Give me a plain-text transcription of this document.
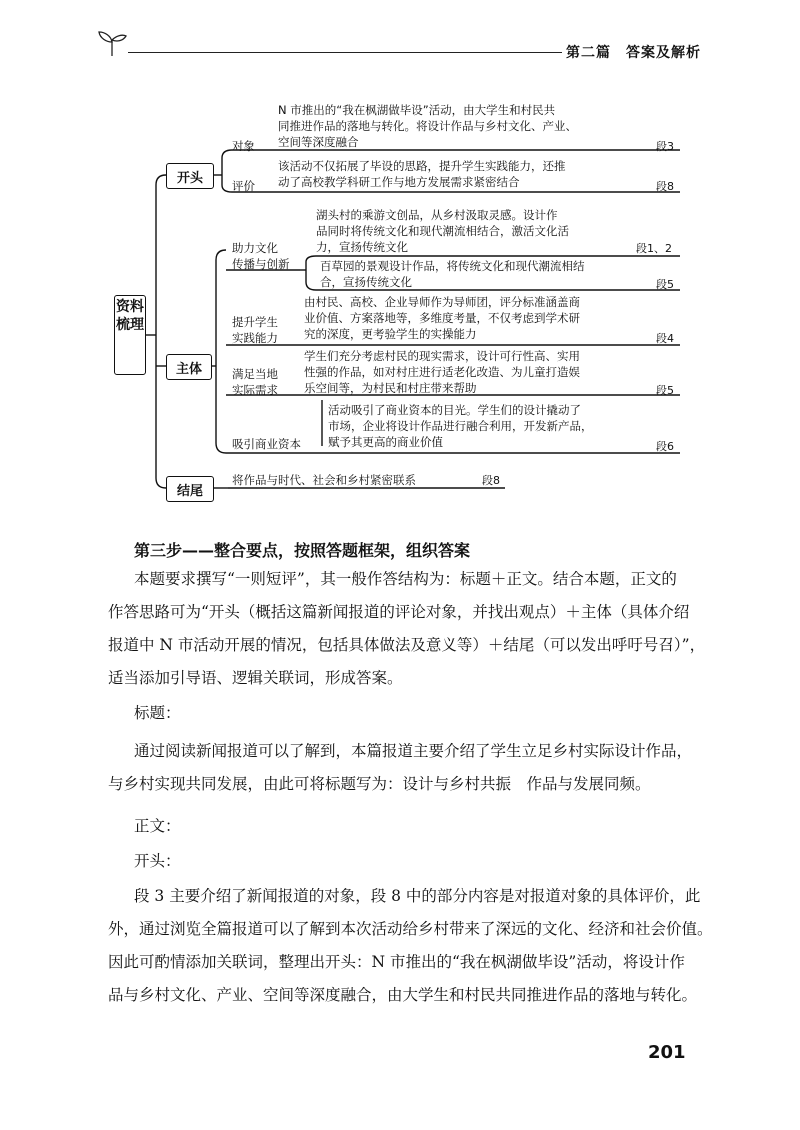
第二篇　答案及解析
资料梳理
开头
主体
结尾
对象
N 市推出的“我在枫湖做毕设”活动，由大学生和村民共
同推进作品的落地与转化。将设计作品与乡村文化、产业、
空间等深度融合	段3
评价
该活动不仅拓展了毕设的思路，提升学生实践能力，还推
动了高校教学科研工作与地方发展需求紧密结合	段8
助力文化
传播与创新
湖头村的乘游文创品，从乡村汲取灵感。设计作
品同时将传统文化和现代潮流相结合，激活文化活
力，宣扬传统文化	段1、2
百草园的景观设计作品，将传统文化和现代潮流相结
合，宣扬传统文化	段5
提升学生
实践能力
由村民、高校、企业导师作为导师团，评分标准涵盖商
业价值、方案落地等，多维度考量，不仅考虑到学术研
究的深度，更考验学生的实操能力	段4
满足当地
实际需求
学生们充分考虑村民的现实需求，设计可行性高、实用
性强的作品，如对村庄进行适老化改造、为儿童打造娱
乐空间等，为村民和村庄带来帮助	段5
吸引商业资本
活动吸引了商业资本的目光。学生们的设计撬动了
市场，企业将设计作品进行融合利用，开发新产品，
赋予其更高的商业价值	段6
将作品与时代、社会和乡村紧密联系	段8
第三步——整合要点，按照答题框架，组织答案
本题要求撰写“一则短评”，其一般作答结构为：标题＋正文。结合本题，正文的
作答思路可为“开头（概括这篇新闻报道的评论对象，并找出观点）＋主体（具体介绍
报道中 N 市活动开展的情况，包括具体做法及意义等）＋结尾（可以发出呼吁号召）”，
适当添加引导语、逻辑关联词，形成答案。
标题：
通过阅读新闻报道可以了解到，本篇报道主要介绍了学生立足乡村实际设计作品，
与乡村实现共同发展，由此可将标题写为：设计与乡村共振　作品与发展同频。
正文：
开头：
段 3 主要介绍了新闻报道的对象，段 8 中的部分内容是对报道对象的具体评价，此
外，通过浏览全篇报道可以了解到本次活动给乡村带来了深远的文化、经济和社会价值。
因此可酌情添加关联词，整理出开头：N 市推出的“我在枫湖做毕设”活动，将设计作
品与乡村文化、产业、空间等深度融合，由大学生和村民共同推进作品的落地与转化。
201
